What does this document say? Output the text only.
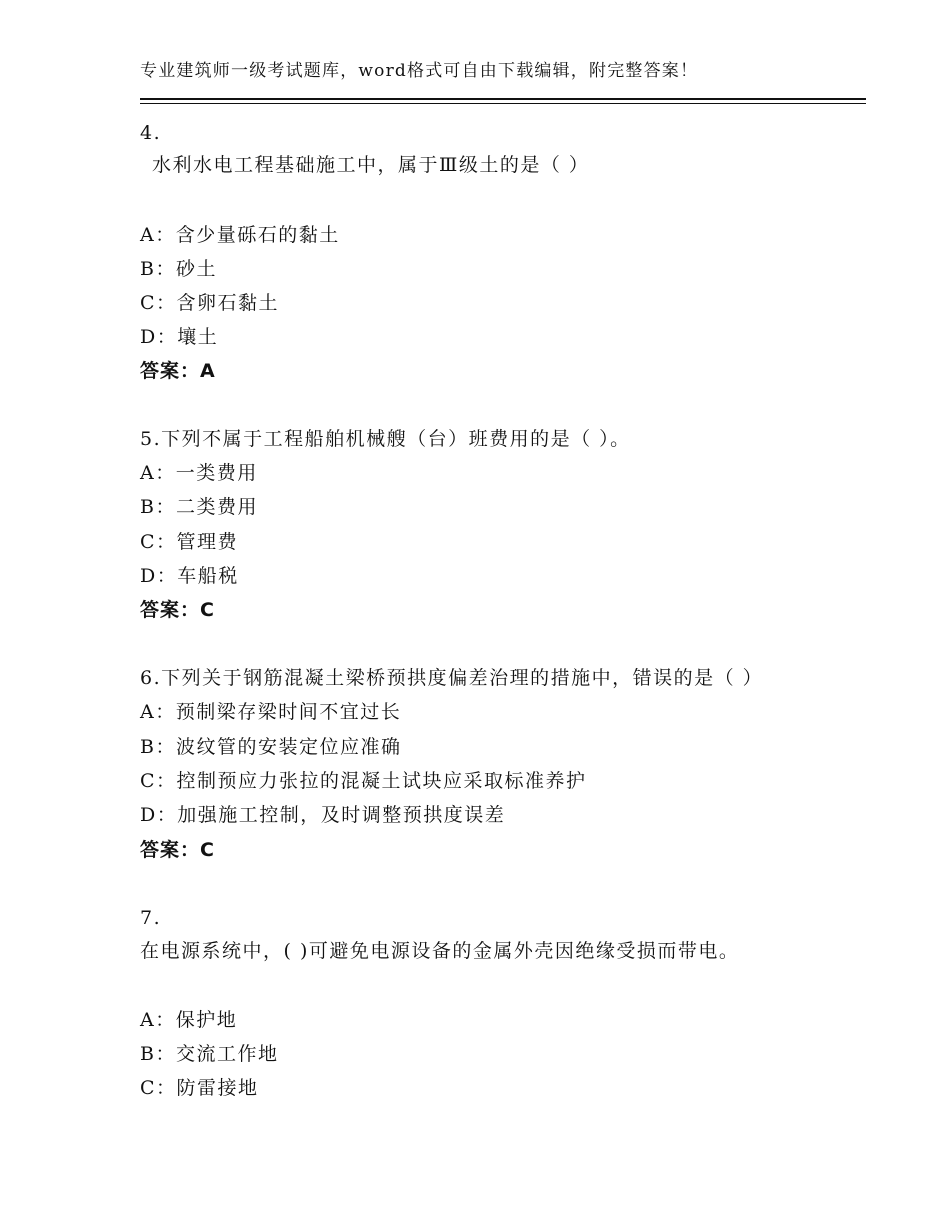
专业建筑师一级考试题库，word格式可自由下载编辑，附完整答案！
4.
水利水电工程基础施工中，属于Ⅲ级土的是（ ）
A：含少量砾石的黏土
B：砂土
C：含卵石黏土
D：壤土
答案：A
5.下列不属于工程船舶机械艘（台）班费用的是（ ）。
A：一类费用
B：二类费用
C：管理费
D：车船税
答案：C
6.下列关于钢筋混凝土梁桥预拱度偏差治理的措施中，错误的是（ ）
A：预制梁存梁时间不宜过长
B：波纹管的安装定位应准确
C：控制预应力张拉的混凝土试块应采取标准养护
D：加强施工控制，及时调整预拱度误差
答案：C
7.
在电源系统中，( )可避免电源设备的金属外壳因绝缘受损而带电。
A：保护地
B：交流工作地
C：防雷接地
